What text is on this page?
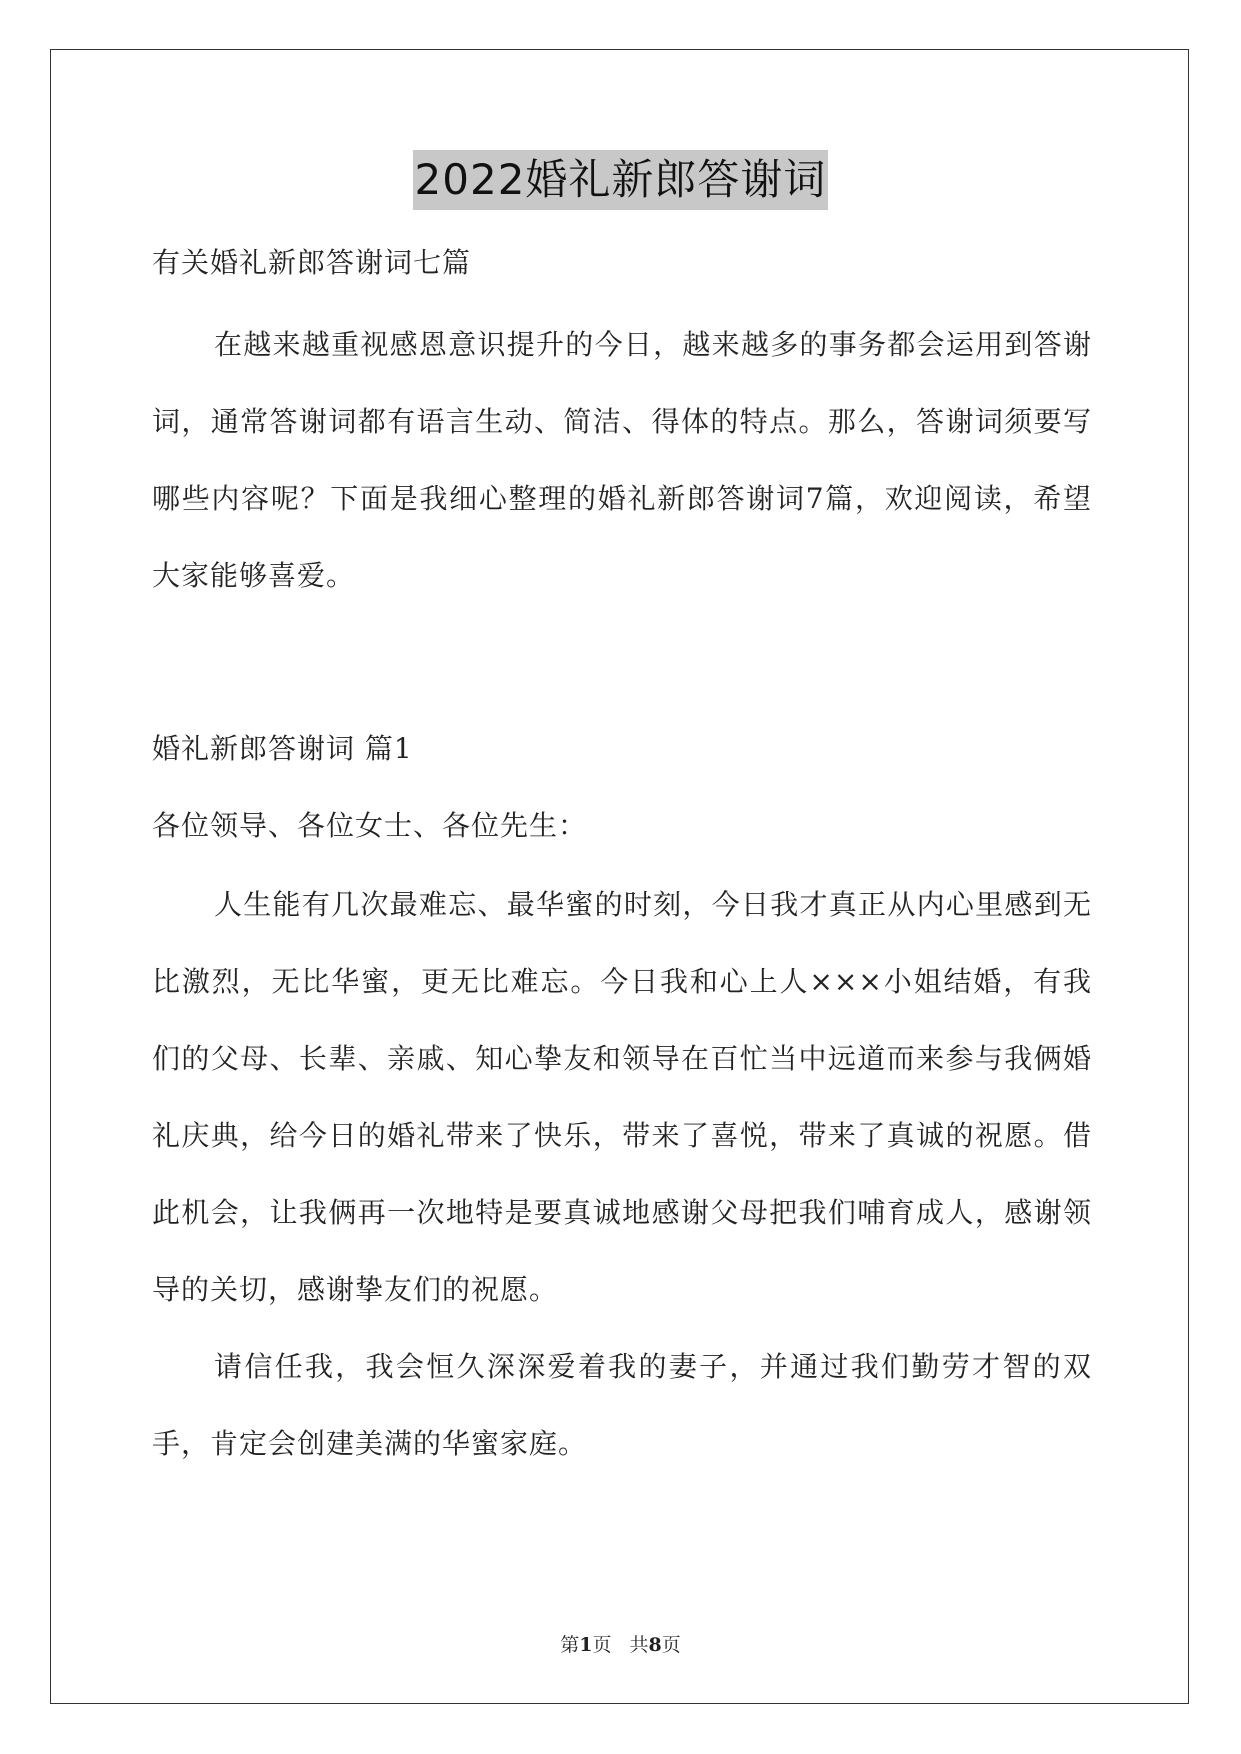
2022婚礼新郎答谢词

有关婚礼新郎答谢词七篇

在越来越重视感恩意识提升的今日，越来越多的事务都会运用到答谢词，通常答谢词都有语言生动、简洁、得体的特点。那么，答谢词须要写哪些内容呢？下面是我细心整理的婚礼新郎答谢词7篇，欢迎阅读，希望大家能够喜爱。

婚礼新郎答谢词 篇1

各位领导、各位女士、各位先生：

人生能有几次最难忘、最华蜜的时刻，今日我才真正从内心里感到无比激烈，无比华蜜，更无比难忘。今日我和心上人×××小姐结婚，有我们的父母、长辈、亲戚、知心挚友和领导在百忙当中远道而来参与我俩婚礼庆典，给今日的婚礼带来了快乐，带来了喜悦，带来了真诚的祝愿。借此机会，让我俩再一次地特是要真诚地感谢父母把我们哺育成人，感谢领导的关切，感谢挚友们的祝愿。

请信任我，我会恒久深深爱着我的妻子，并通过我们勤劳才智的双手，肯定会创建美满的华蜜家庭。

第1页 共8页
